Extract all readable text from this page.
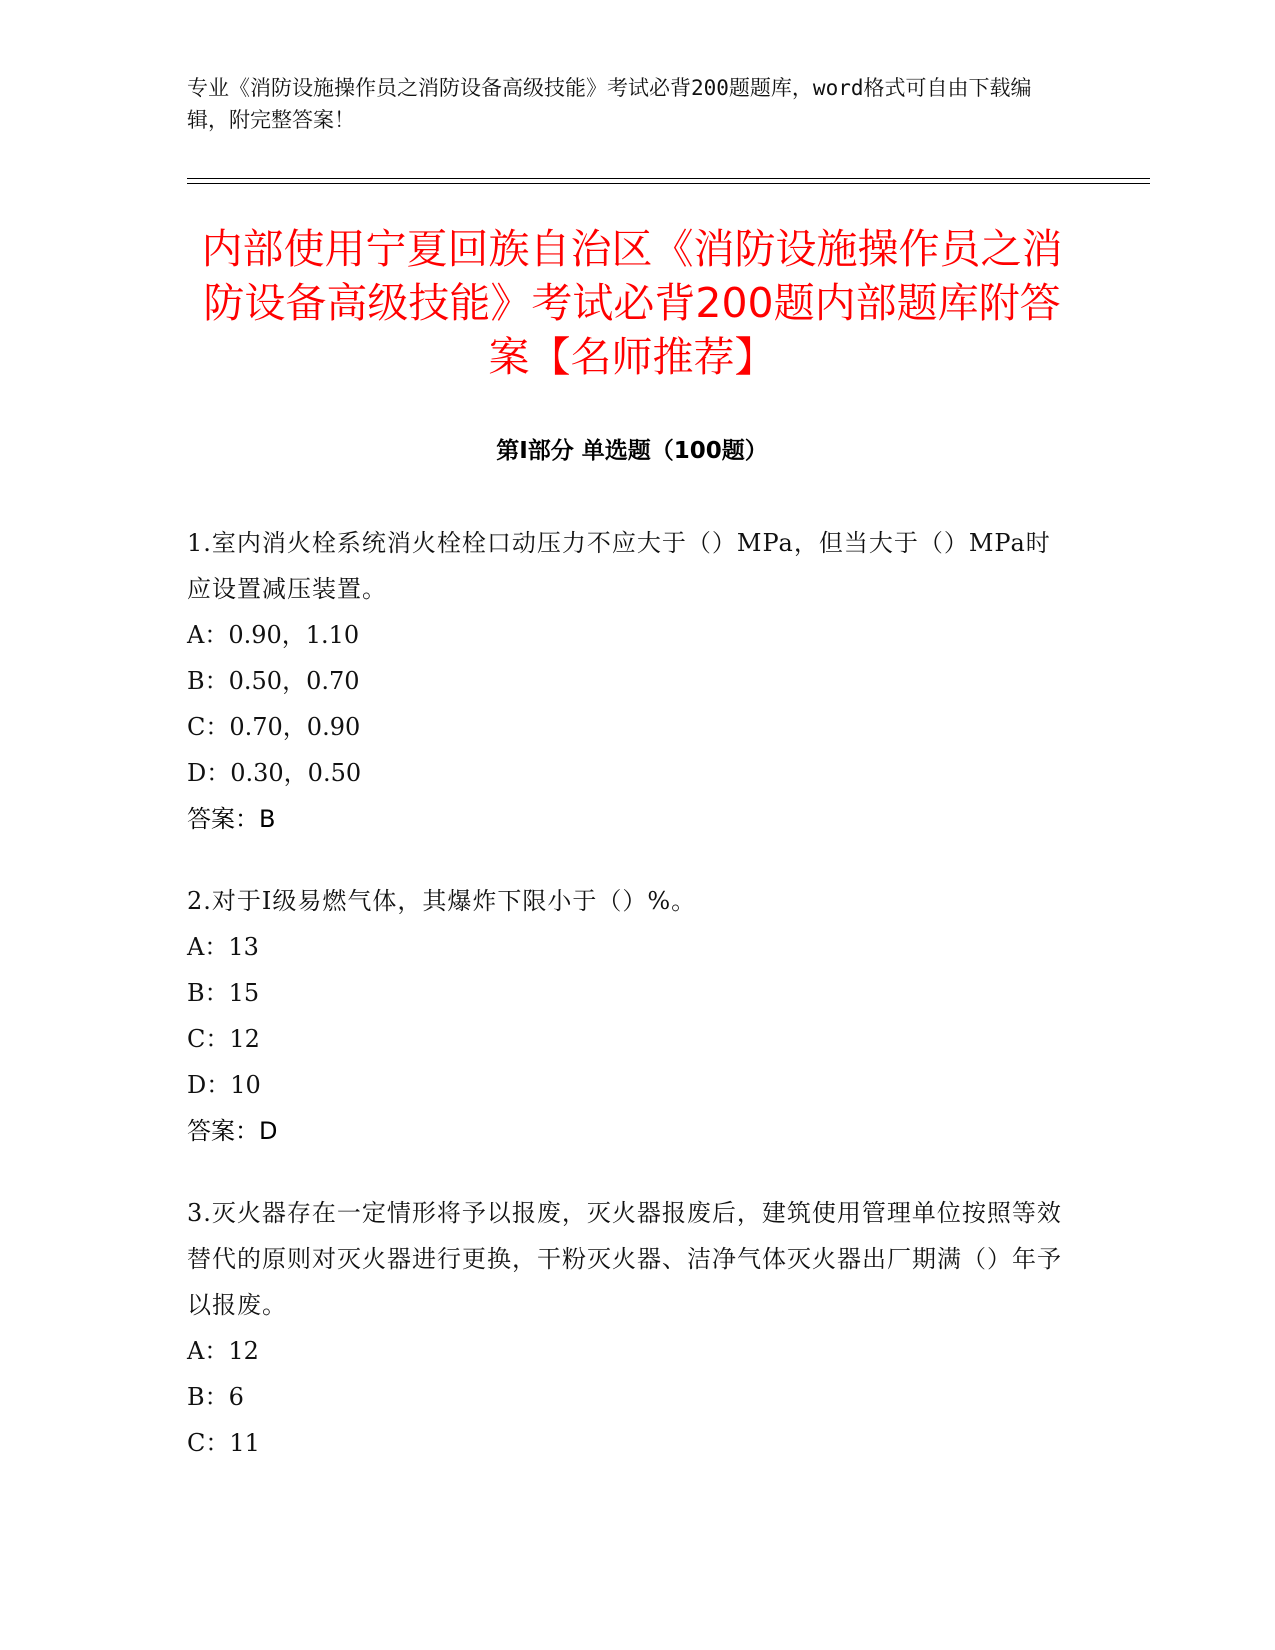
专业《消防设施操作员之消防设备高级技能》考试必背200题题库，word格式可自由下载编辑，附完整答案！
内部使用宁夏回族自治区《消防设施操作员之消防设备高级技能》考试必背200题内部题库附答案【名师推荐】
第I部分 单选题（100题）
1.室内消火栓系统消火栓栓口动压力不应大于（）MPa，但当大于（）MPa时应设置减压装置。
A：0.90，1.10
B：0.50，0.70
C：0.70，0.90
D：0.30，0.50
答案：B
2.对于Ⅰ级易燃气体，其爆炸下限小于（）%。
A：13
B：15
C：12
D：10
答案：D
3.灭火器存在一定情形将予以报废，灭火器报废后，建筑使用管理单位按照等效替代的原则对灭火器进行更换，干粉灭火器、洁净气体灭火器出厂期满（）年予以报废。
A：12
B：6
C：11
